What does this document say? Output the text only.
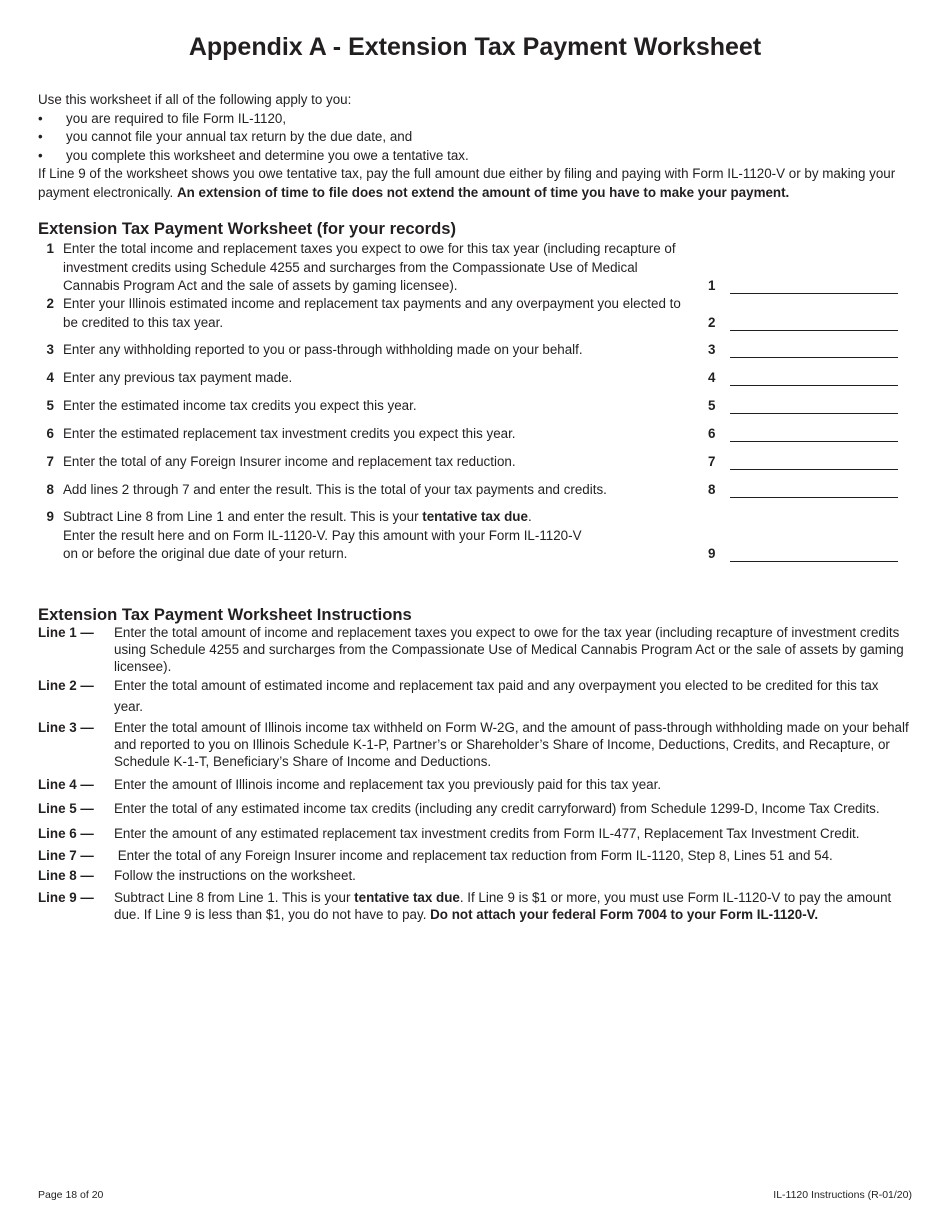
Appendix A - Extension Tax Payment Worksheet

Use this worksheet if all of the following apply to you:

• you are required to file Form IL-1120,
• you cannot file your annual tax return by the due date, and
• you complete this worksheet and determine you owe a tentative tax.

If Line 9 of the worksheet shows you owe tentative tax, pay the full amount due either by filing and paying with Form IL-1120-V or by making your payment electronically. An extension of time to file does not extend the amount of time you have to make your payment.

Extension Tax Payment Worksheet (for your records)
1 Enter the total income and replacement taxes you expect to owe for this tax year (including recapture of investment credits using Schedule 4255 and surcharges from the Compassionate Use of Medical Cannabis Program Act and the sale of assets by gaming licensee).	1
2 Enter your Illinois estimated income and replacement tax payments and any overpayment you elected to be credited to this tax year.	2
3 Enter any withholding reported to you or pass-through withholding made on your behalf.	3
4 Enter any previous tax payment made.	4
5 Enter the estimated income tax credits you expect this year.	5
6 Enter the estimated replacement tax investment credits you expect this year.	6
7 Enter the total of any Foreign Insurer income and replacement tax reduction.	7
8 Add lines 2 through 7 and enter the result. This is the total of your tax payments and credits.	8
9 Subtract Line 8 from Line 1 and enter the result. This is your tentative tax due.
Enter the result here and on Form IL-1120-V. Pay this amount with your Form IL-1120-V
on or before the original due date of your return.	9
Extension Tax Payment Worksheet Instructions
Line 1 —	Enter the total amount of income and replacement taxes you expect to owe for the tax year (including recapture of investment credits using Schedule 4255 and surcharges from the Compassionate Use of Medical Cannabis Program Act or the sale of assets by gaming licensee).
Line 2 —	Enter the total amount of estimated income and replacement tax paid and any overpayment you elected to be credited for this tax year.
Line 3 —	Enter the total amount of Illinois income tax withheld on Form W-2G, and the amount of pass-through withholding made on your behalf and reported to you on Illinois Schedule K-1-P, Partner’s or Shareholder’s Share of Income, Deductions, Credits, and Recapture, or Schedule K-1-T, Beneficiary’s Share of Income and Deductions.
Line 4 —	Enter the amount of Illinois income and replacement tax you previously paid for this tax year.
Line 5 —	Enter the total of any estimated income tax credits (including any credit carryforward) from Schedule 1299-D, Income Tax Credits.
Line 6 —	Enter the amount of any estimated replacement tax investment credits from Form IL-477, Replacement Tax Investment Credit.
Line 7 —	Enter the total of any Foreign Insurer income and replacement tax reduction from Form IL-1120, Step 8, Lines 51 and 54.
Line 8 —	Follow the instructions on the worksheet.
Line 9 —	Subtract Line 8 from Line 1. This is your tentative tax due. If Line 9 is $1 or more, you must use Form IL-1120-V to pay the amount due. If Line 9 is less than $1, you do not have to pay. Do not attach your federal Form 7004 to your Form IL-1120-V.
Page 18 of 20	IL-1120 Instructions (R-01/20)
